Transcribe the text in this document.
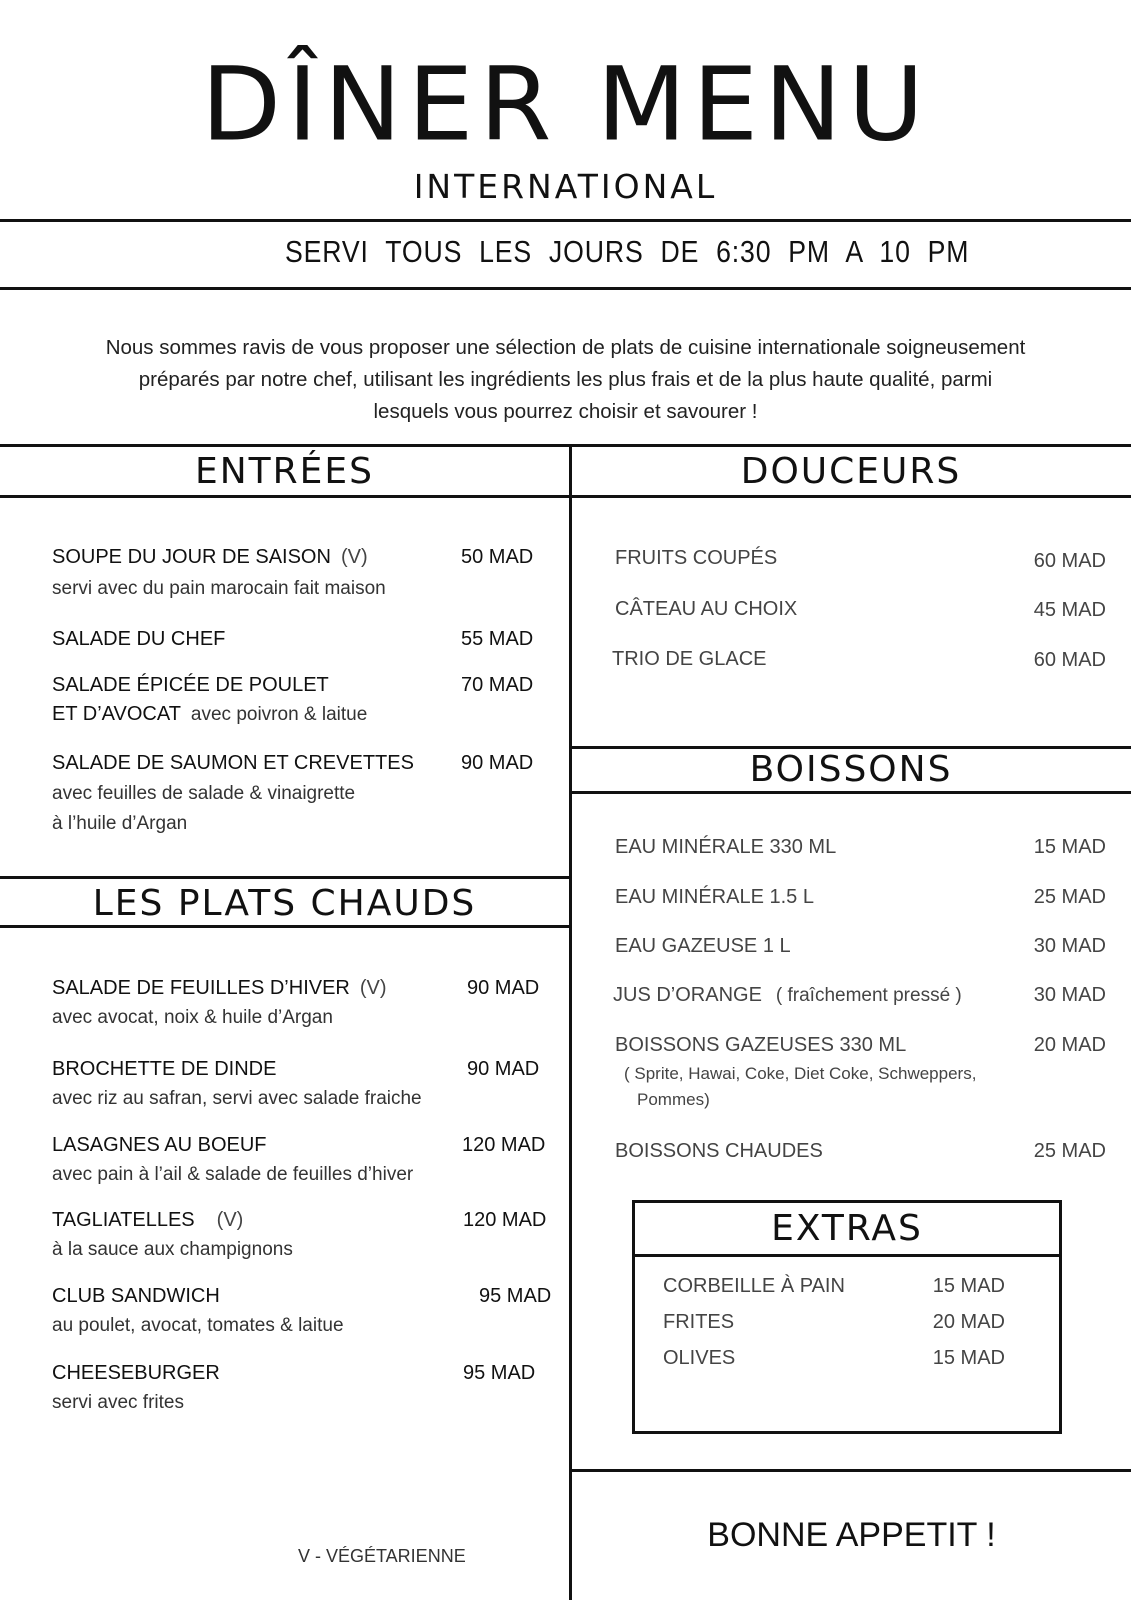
DÎNER MENU
INTERNATIONAL
SERVI TOUS LES JOURS DE 6:30 PM A 10 PM
Nous sommes ravis de vous proposer une sélection de plats de cuisine internationale soigneusement
préparés par notre chef, utilisant les ingrédients les plus frais et de la plus haute qualité, parmi
lesquels vous pourrez choisir et savourer !
ENTRÉES
SOUPE DU JOUR DE SAISON (V)	50 MAD
servi avec du pain marocain fait maison
SALADE DU CHEF	55 MAD
SALADE ÉPICÉE DE POULET	70 MAD
ET D’AVOCAT avec poivron & laitue
SALADE DE SAUMON ET CREVETTES 90 MAD
avec feuilles de salade & vinaigrette
à l’huile d’Argan
LES PLATS CHAUDS
SALADE DE FEUILLES D’HIVER (V)	90 MAD
avec avocat, noix & huile d’Argan
BROCHETTE DE DINDE	90 MAD
avec riz au safran, servi avec salade fraiche
LASAGNES AU BOEUF	120 MAD
avec pain à l’ail & salade de feuilles d’hiver
TAGLIATELLES (V)	120 MAD
à la sauce aux champignons
CLUB SANDWICH	95 MAD
au poulet, avocat, tomates & laitue
CHEESEBURGER	95 MAD
servi avec frites
V - VÉGÉTARIENNE
DOUCEURS
FRUITS COUPÉS	60 MAD
CÂTEAU AU CHOIX	45 MAD
TRIO DE GLACE	60 MAD
BOISSONS
EAU MINÉRALE 330 ML	15 MAD
EAU MINÉRALE 1.5 L	25 MAD
EAU GAZEUSE 1 L	30 MAD
JUS D’ORANGE ( fraîchement pressé )	30 MAD
BOISSONS GAZEUSES 330 ML	20 MAD
( Sprite, Hawai, Coke, Diet Coke, Schweppers,
Pommes)
BOISSONS CHAUDES	25 MAD
EXTRAS
CORBEILLE À PAIN	15 MAD
FRITES	20 MAD
OLIVES	15 MAD
BONNE APPETIT !
